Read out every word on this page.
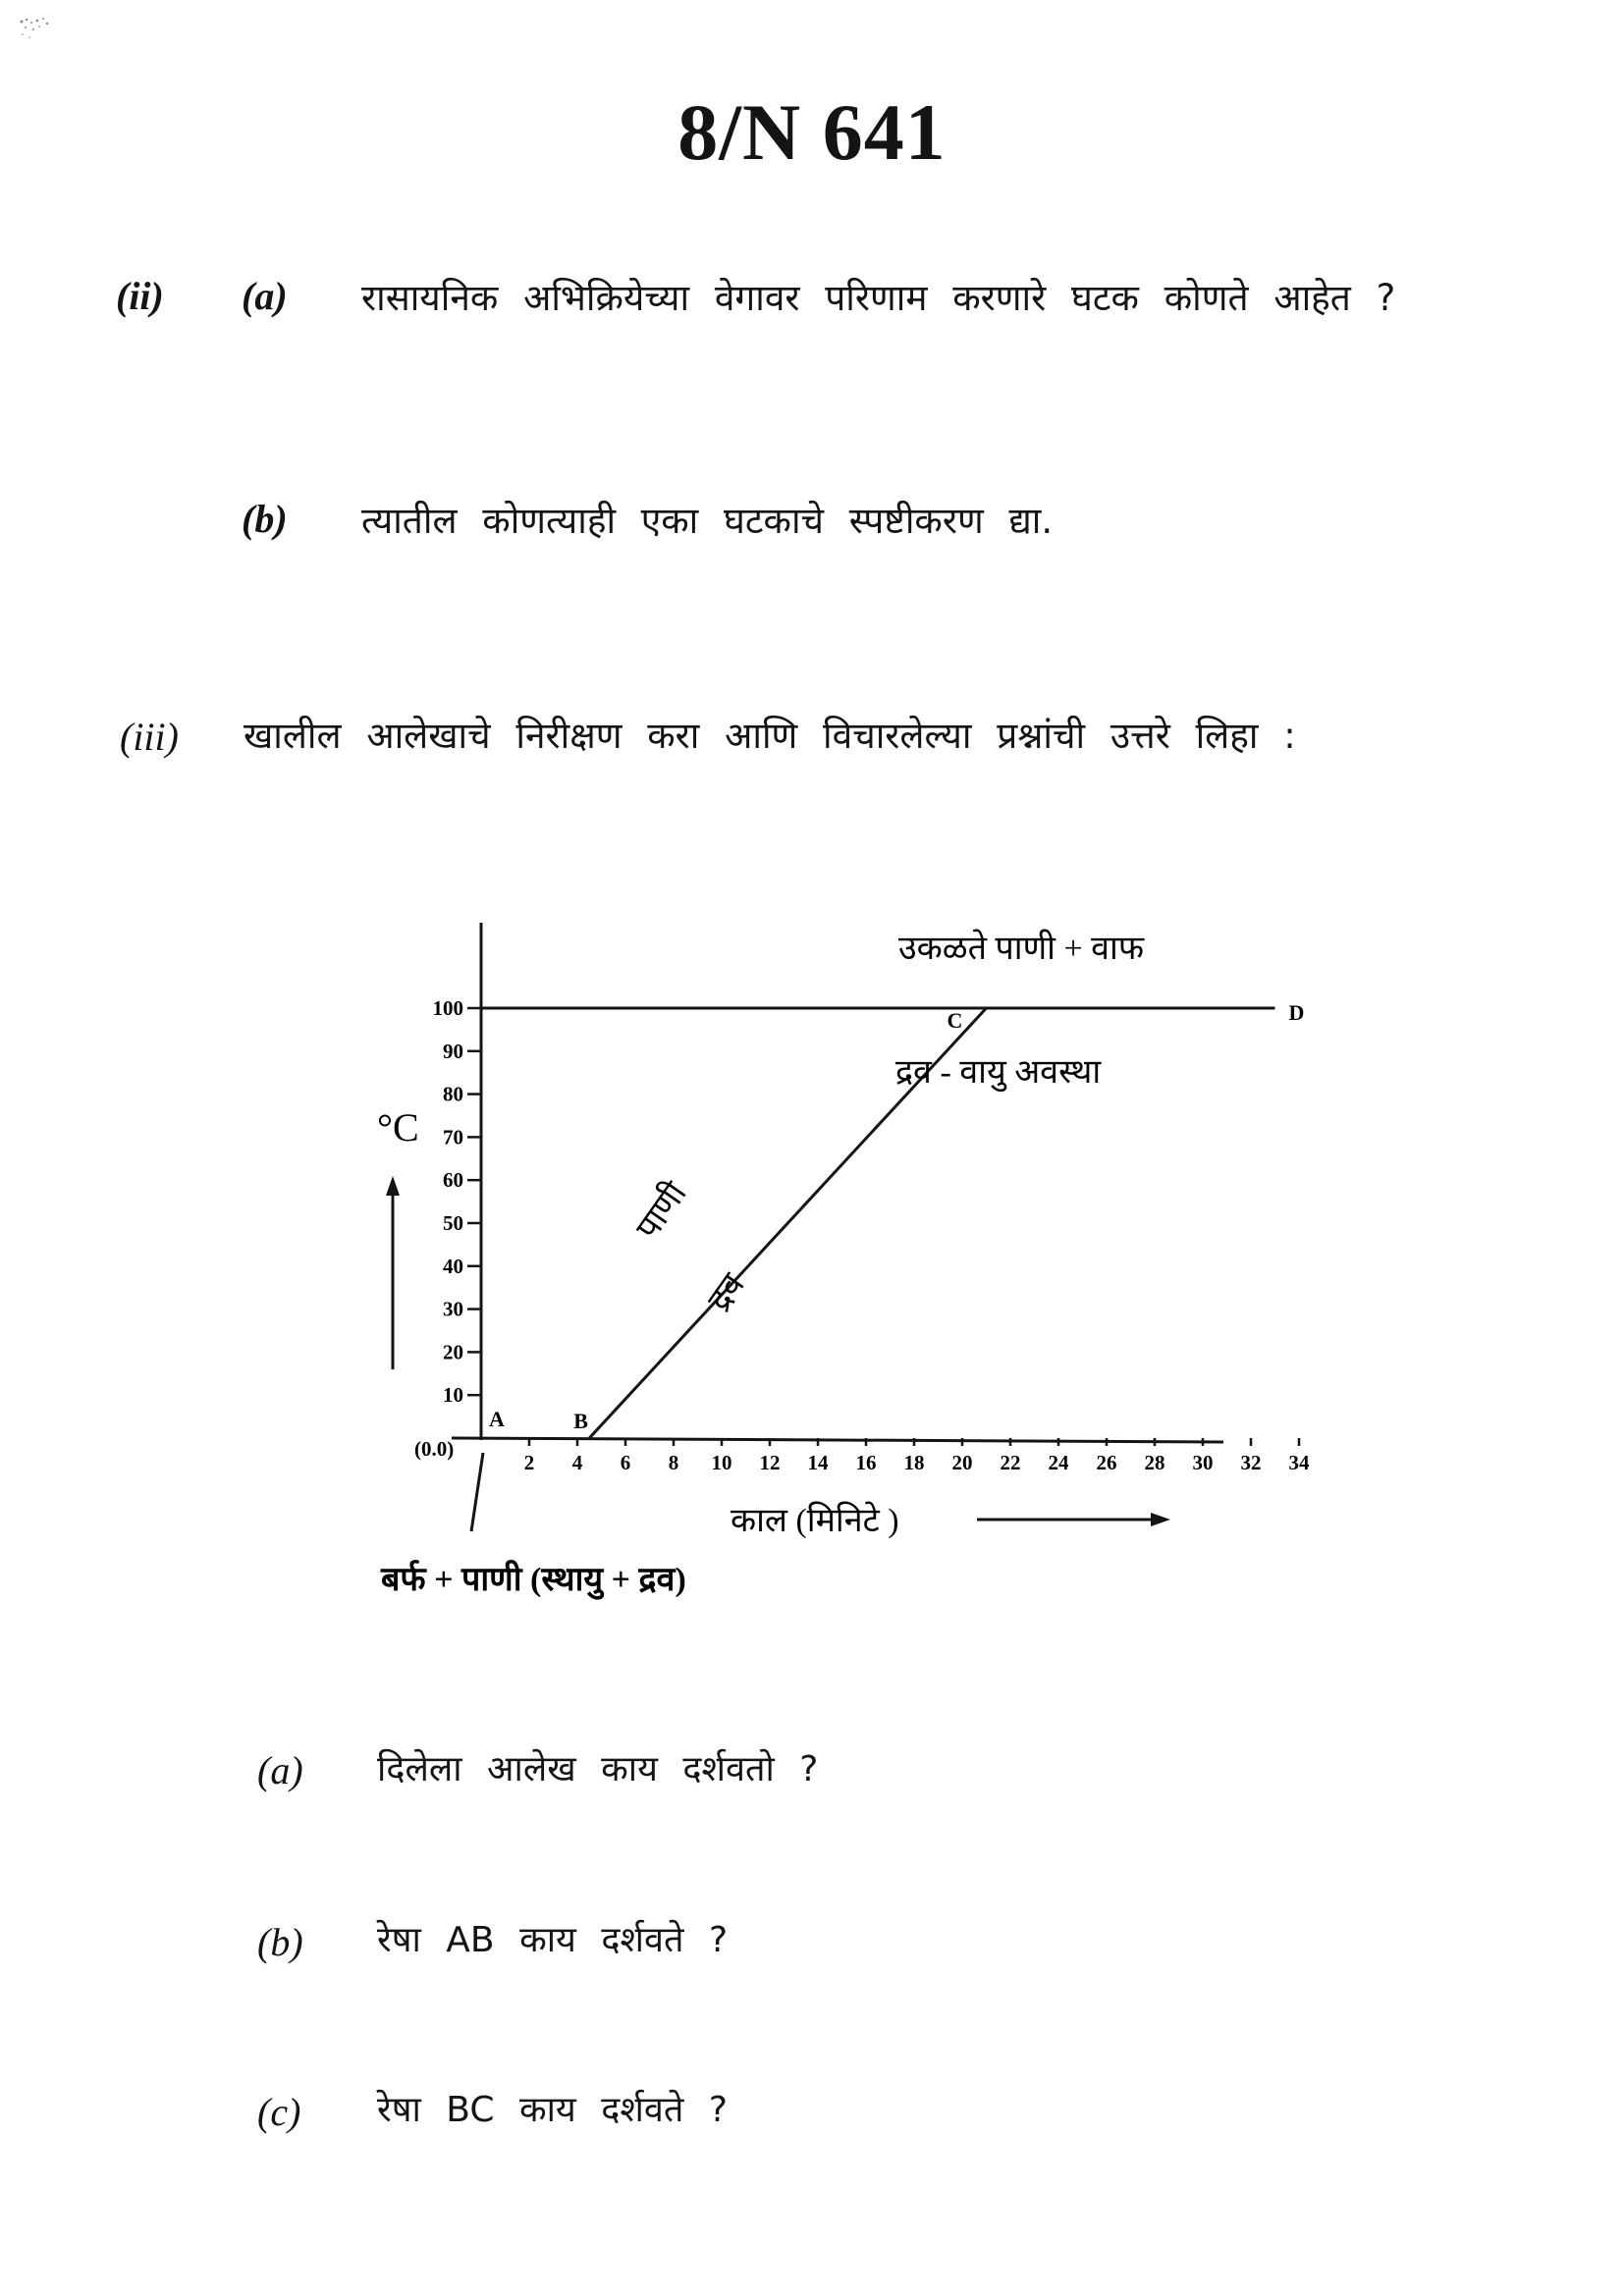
8/N 641
(ii) (a) रासायनिक अभिक्रियेच्या वेगावर परिणाम करणारे घटक कोणते आहेत ?
(b) त्यातील कोणत्याही एका घटकाचे स्पष्टीकरण द्या.
(iii) खालील आलेखाचे निरीक्षण करा आणि विचारलेल्या प्रश्नांची उत्तरे लिहा :
10
20
30
40
50
60
70
80
90
100
2 4 6 8 10 12 14 16 18 20 22 24 26 28 30 32 34
A	B
C	D
(0.0)
°C
काल (मिनिटे )
उकळते पाणी + वाफ
द्रव - वायु अवस्था
बर्फ + पाणी (स्थायु + द्रव)
पाणी
द्रव
(a) दिलेला आलेख काय दर्शवतो ?
(b) रेषा AB काय दर्शवते ?
(c) रेषा BC काय दर्शवते ?
